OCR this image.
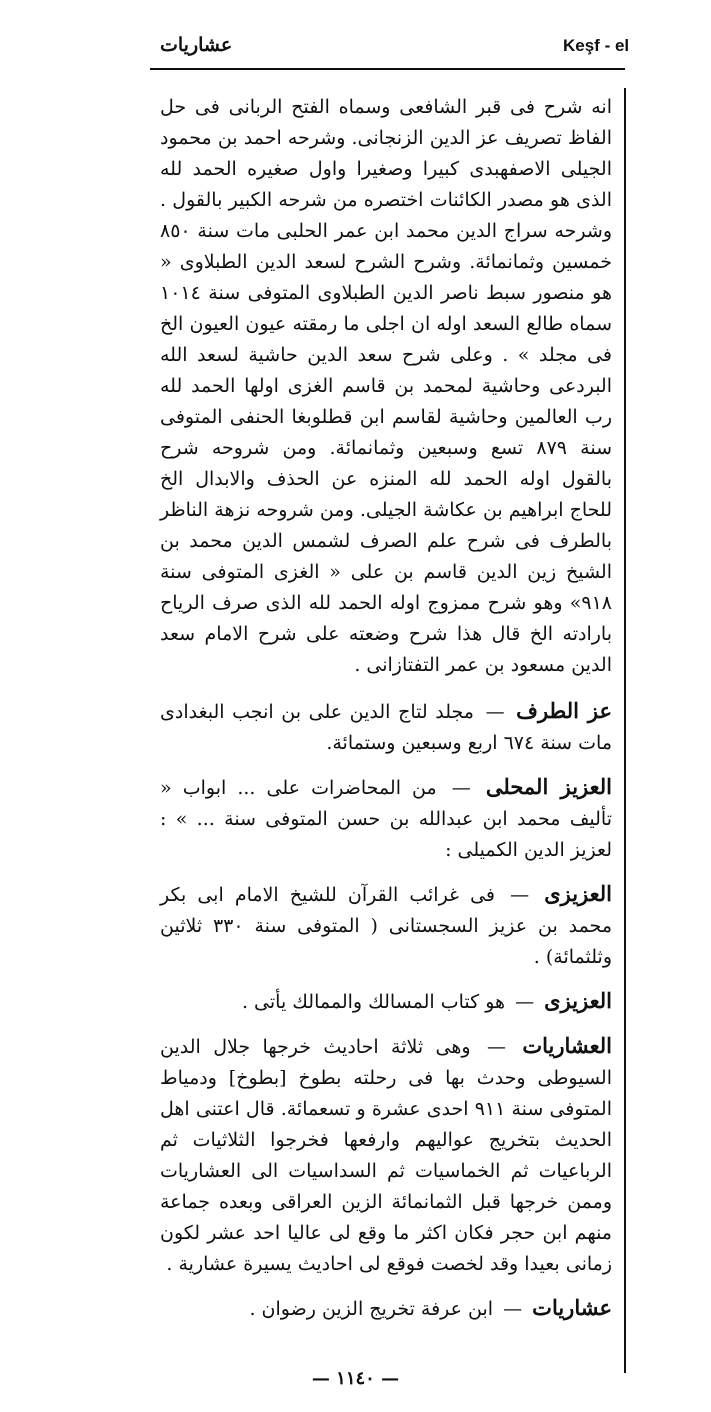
Keşf - el
عشاريات

انه شرح فى قبر الشافعى وسماه الفتح الربانى فى حل الفاظ تصريف عز الدين الزنجانى. وشرحه احمد بن محمود الجيلى الاصفهبدى كبيرا وصغيرا واول صغيره الحمد لله الذى هو مصدر الكائنات اختصره من شرحه الكبير بالقول . وشرحه سراج الدين محمد ابن عمر الحلبى مات سنة ٨٥٠ خمسين وثمانمائة. وشرح الشرح لسعد الدين الطبلاوى « هو منصور سبط ناصر الدين الطبلاوى المتوفى سنة ١٠١٤ سماه طالع السعد اوله ان اجلى ما رمقته عيون العيون الخ فى مجلد » . وعلى شرح سعد الدين حاشية لسعد الله البردعى وحاشية لمحمد بن قاسم الغزى اولها الحمد لله رب العالمين وحاشية لقاسم ابن قطلوبغا الحنفى المتوفى سنة ٨٧٩ تسع وسبعين وثمانمائة. ومن شروحه شرح بالقول اوله الحمد لله المنزه عن الحذف والابدال الخ للحاج ابراهيم بن عكاشة الجيلى. ومن شروحه نزهة الناظر بالطرف فى شرح علم الصرف لشمس الدين محمد بن الشيخ زين الدين قاسم بن على « الغزى المتوفى سنة ٩١٨» وهو شرح ممزوج اوله الحمد لله الذى صرف الرياح بارادته الخ قال هذا شرح وضعته على شرح الامام سعد الدين مسعود بن عمر التفتازانى .

عز الطرف — مجلد لتاج الدين على بن انجب البغدادى مات سنة ٦٧٤ اربع وسبعين وستمائة.

العزيز المحلى — من المحاضرات على ... ابواب « تأليف محمد ابن عبدالله بن حسن المتوفى سنة ... » : لعزيز الدين الكميلى :

العزيزى — فى غرائب القرآن للشيخ الامام ابى بكر محمد بن عزيز السجستانى ( المتوفى سنة ٣٣٠ ثلاثين وثلثمائة) .

العزيزى — هو كتاب المسالك والممالك يأتى .

العشاريات — وهى ثلاثة احاديث خرجها جلال الدين السيوطى وحدث بها فى رحلته بطوخ [بطوخ] ودمياط المتوفى سنة ٩١١ احدى عشرة و تسعمائة. قال اعتنى اهل الحديث بتخريج عواليهم وارفعها فخرجوا الثلاثيات ثم الرباعيات ثم الخماسيات ثم السداسيات الى العشاريات وممن خرجها قبل الثمانمائة الزين العراقى وبعده جماعة منهم ابن حجر فكان اكثر ما وقع لى عاليا احد عشر لكون زمانى بعيدا وقد لخصت فوقع لى احاديث يسيرة عشارية .

عشاريات — ابن عرفة تخريج الزين رضوان .

— ١١٤٠ —
